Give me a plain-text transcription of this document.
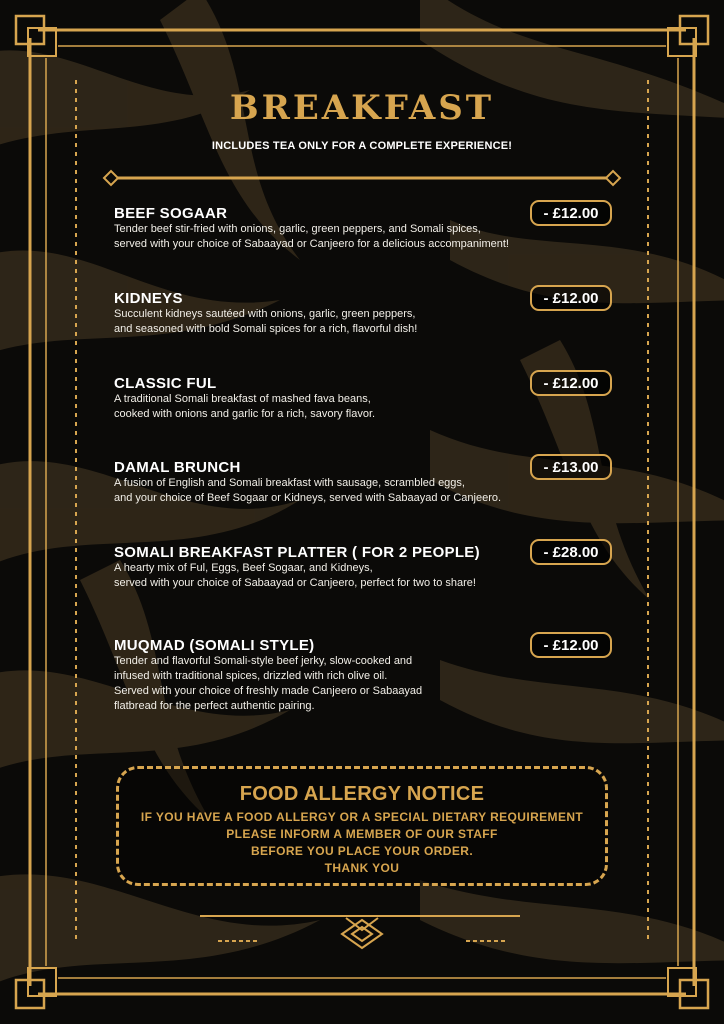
BREAKFAST
INCLUDES TEA ONLY FOR A COMPLETE EXPERIENCE!
BEEF SOGAAR
Tender beef stir-fried with onions, garlic, green peppers, and Somali spices,
served with your choice of Sabaayad or Canjeero for a delicious accompaniment!
- £12.00
KIDNEYS
Succulent kidneys sautéed with onions, garlic, green peppers,
and seasoned with bold Somali spices for a rich, flavorful dish!
- £12.00
CLASSIC FUL
A traditional Somali breakfast of mashed fava beans,
cooked with onions and garlic for a rich, savory flavor.
- £12.00
DAMAL BRUNCH
A fusion of English and Somali breakfast with sausage, scrambled eggs,
and your choice of Beef Sogaar or Kidneys, served with Sabaayad or Canjeero.
- £13.00
SOMALI BREAKFAST PLATTER ( FOR 2 PEOPLE)
A hearty mix of Ful, Eggs, Beef Sogaar, and Kidneys,
served with your choice of Sabaayad or Canjeero, perfect for two to share!
- £28.00
MUQMAD (SOMALI STYLE)
Tender and flavorful Somali-style beef jerky, slow-cooked and
infused with traditional spices, drizzled with rich olive oil.
Served with your choice of freshly made Canjeero or Sabaayad
flatbread for the perfect authentic pairing.
- £12.00
FOOD ALLERGY NOTICE
IF YOU HAVE A FOOD ALLERGY OR A SPECIAL DIETARY REQUIREMENT
PLEASE INFORM A MEMBER OF OUR STAFF
BEFORE YOU PLACE YOUR ORDER.
THANK YOU
